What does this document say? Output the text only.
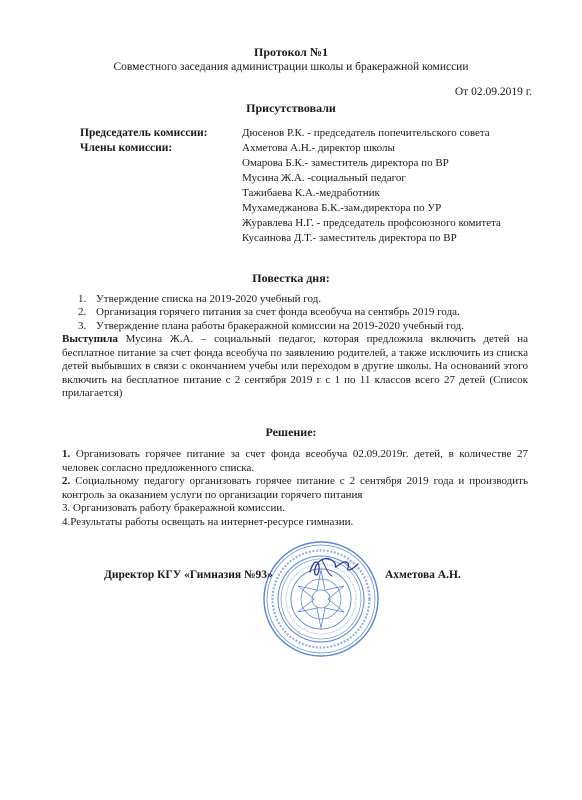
Протокол №1
Совместного заседания администрации школы и бракеражной комиссии
От 02.09.2019 г.
Присутствовали
Председатель комиссии:
Члены комиссии:
Дюсенов Р.К. - председатель попечительского совета
Ахметова А.Н.- директор школы
Омарова Б.К.- заместитель директора по ВР
Мусина Ж.А. -социальный педагог
Тажибаева К.А.-медработник
Мухамеджанова Б.К.-зам.директора по УР
Журавлева Н.Г. - председатель профсоюзного комитета
Кусаинова Д.Т.- заместитель директора по ВР
Повестка дня:
1. Утверждение списка на 2019-2020 учебный год.
2. Организация горячего питания за счет фонда всеобуча на сентябрь 2019 года.
3. Утверждение плана работы бракеражной комиссии на 2019-2020 учебный год.
Выступила Мусина Ж.А. – социальный педагог, которая предложила включить детей на бесплатное питание за счет фонда всеобуча по заявлению родителей, а также исключить из списка детей выбывших в связи с окончанием учебы или переходом в другие школы. На оснований этого включить на бесплатное питание с 2 сентября 2019 г с 1 по 11 классов всего 27 детей (Список прилагается)
Решение:

1. Организовать горячее питание за счет фонда всеобуча 02.09.2019г. детей, в количестве 27 человек согласно предложенного списка.

2. Социальному педагогу организовать горячее питание с 2 сентября 2019 года и производить контроль за оказанием услуги по организации горячего питания

3. Организовать работу бракеражной комиссии.

4.Результаты работы освещать на интернет-ресурсе гимназии.

Директор КГУ «Гимназия №93»	Ахметова А.Н.
